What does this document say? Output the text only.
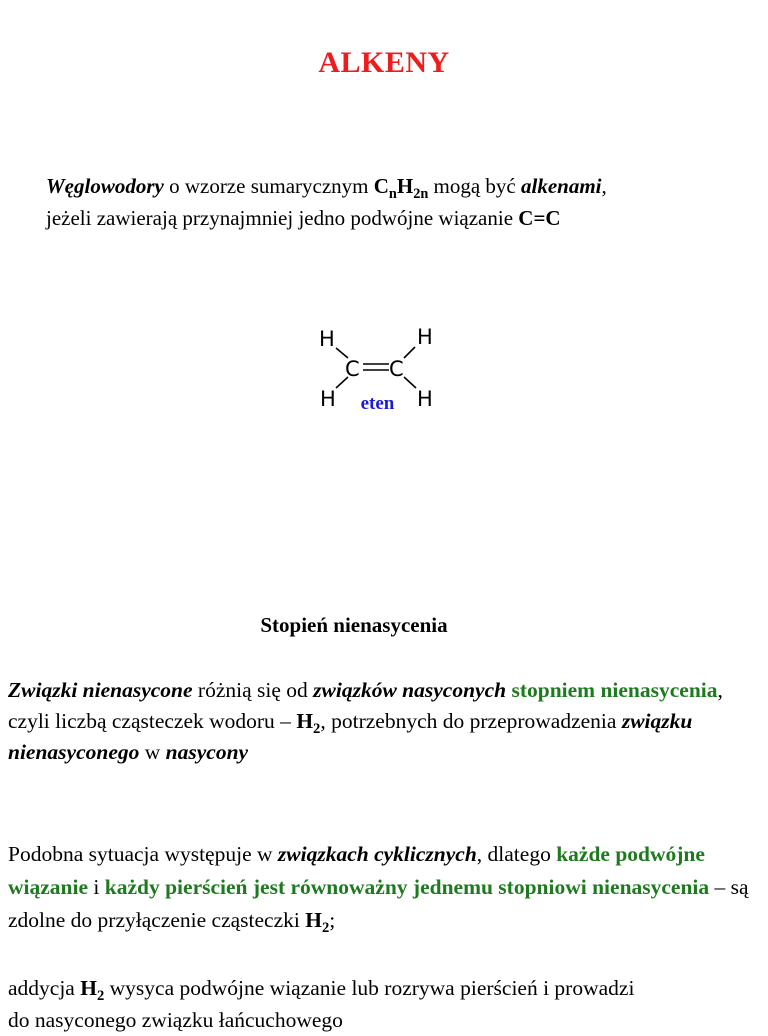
ALKENY
Węglowodory o wzorze sumarycznym $C_nH_{2n}$ mogą być alkenami,
jeżeli zawierają przynajmniej jedno podwójne wiązanie C=C
H	H
C C
H	H
eten
Stopień nienasycenia
Związki nienasycone różnią się od związków nasyconych stopniem nienasycenia, czyli liczbą cząsteczek wodoru – $H_2$, potrzebnych do przeprowadzenia związku nienasyconego w nasycony
Podobna sytuacja występuje w związkach cyklicznych, dlatego każde podwójne wiązanie i każdy pierścień jest równoważny jednemu stopniowi nienasycenia – są zdolne do przyłączenie cząsteczki $H_2$;
addycja $H_2$ wysyca podwójne wiązanie lub rozrywa pierścień i prowadzi
do nasyconego związku łańcuchowego
